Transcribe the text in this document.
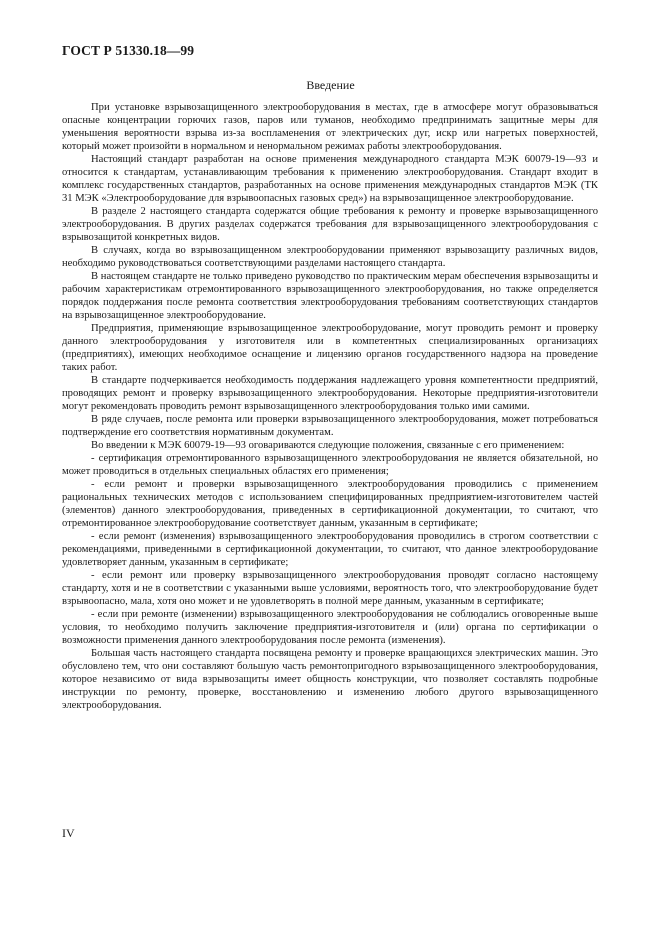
ГОСТ Р 51330.18—99
Введение

При установке взрывозащищенного электрооборудования в местах, где в атмосфере могут образовываться опасные концентрации горючих газов, паров или туманов, необходимо предпринимать защитные меры для уменьшения вероятности взрыва из-за воспламенения от электрических дуг, искр или нагретых поверхностей, который может произойти в нормальном и ненормальном режимах работы электрооборудования.

Настоящий стандарт разработан на основе применения международного стандарта МЭК 60079-19—93 и относится к стандартам, устанавливающим требования к применению электрооборудования. Стандарт входит в комплекс государственных стандартов, разработанных на основе применения международных стандартов МЭК (ТК 31 МЭК «Электрооборудование для взрывоопасных газовых сред») на взрывозащищенное электрооборудование.

В разделе 2 настоящего стандарта содержатся общие требования к ремонту и проверке взрывозащищенного электрооборудования. В других разделах содержатся требования для взрывозащищенного электрооборудования с взрывозащитой конкретных видов.

В случаях, когда во взрывозащищенном электрооборудовании применяют взрывозащиту различных видов, необходимо руководствоваться соответствующими разделами настоящего стандарта.

В настоящем стандарте не только приведено руководство по практическим мерам обеспечения взрывозащиты и рабочим характеристикам отремонтированного взрывозащищенного электрооборудования, но также определяется порядок поддержания после ремонта соответствия электрооборудования требованиям соответствующих стандартов на взрывозащищенное электрооборудование.

Предприятия, применяющие взрывозащищенное электрооборудование, могут проводить ремонт и проверку данного электрооборудования у изготовителя или в компетентных специализированных организациях (предприятиях), имеющих необходимое оснащение и лицензию органов государственного надзора на проведение таких работ.

В стандарте подчеркивается необходимость поддержания надлежащего уровня компетентности предприятий, проводящих ремонт и проверку взрывозащищенного электрооборудования. Некоторые предприятия-изготовители могут рекомендовать проводить ремонт взрывозащищенного электрооборудования только ими самими.

В ряде случаев, после ремонта или проверки взрывозащищенного электрооборудования, может потребоваться подтверждение его соответствия нормативным документам.

Во введении к МЭК 60079-19—93 оговариваются следующие положения, связанные с его применением:

- сертификация отремонтированного взрывозащищенного электрооборудования не является обязательной, но может проводиться в отдельных специальных областях его применения;

- если ремонт и проверки взрывозащищенного электрооборудования проводились с применением рациональных технических методов с использованием специфицированных предприятием-изготовителем частей (элементов) данного электрооборудования, приведенных в сертификационной документации, то считают, что отремонтированное электрооборудование соответствует данным, указанным в сертификате;

- если ремонт (изменения) взрывозащищенного электрооборудования проводились в строгом соответствии с рекомендациями, приведенными в сертификационной документации, то считают, что данное электрооборудование удовлетворяет данным, указанным в сертификате;

- если ремонт или проверку взрывозащищенного электрооборудования проводят согласно настоящему стандарту, хотя и не в соответствии с указанными выше условиями, вероятность того, что электрооборудование будет взрывоопасно, мала, хотя оно может и не удовлетворять в полной мере данным, указанным в сертификате;

- если при ремонте (изменении) взрывозащищенного электрооборудования не соблюдались оговоренные выше условия, то необходимо получить заключение предприятия-изготовителя и (или) органа по сертификации о возможности применения данного электрооборудования после ремонта (изменения).

Большая часть настоящего стандарта посвящена ремонту и проверке вращающихся электрических машин. Это обусловлено тем, что они составляют большую часть ремонтопригодного взрывозащищенного электрооборудования, которое независимо от вида взрывозащиты имеет общность конструкции, что позволяет составлять подробные инструкции по ремонту, проверке, восстановлению и изменению любого другого взрывозащищенного электрооборудования.

IV
